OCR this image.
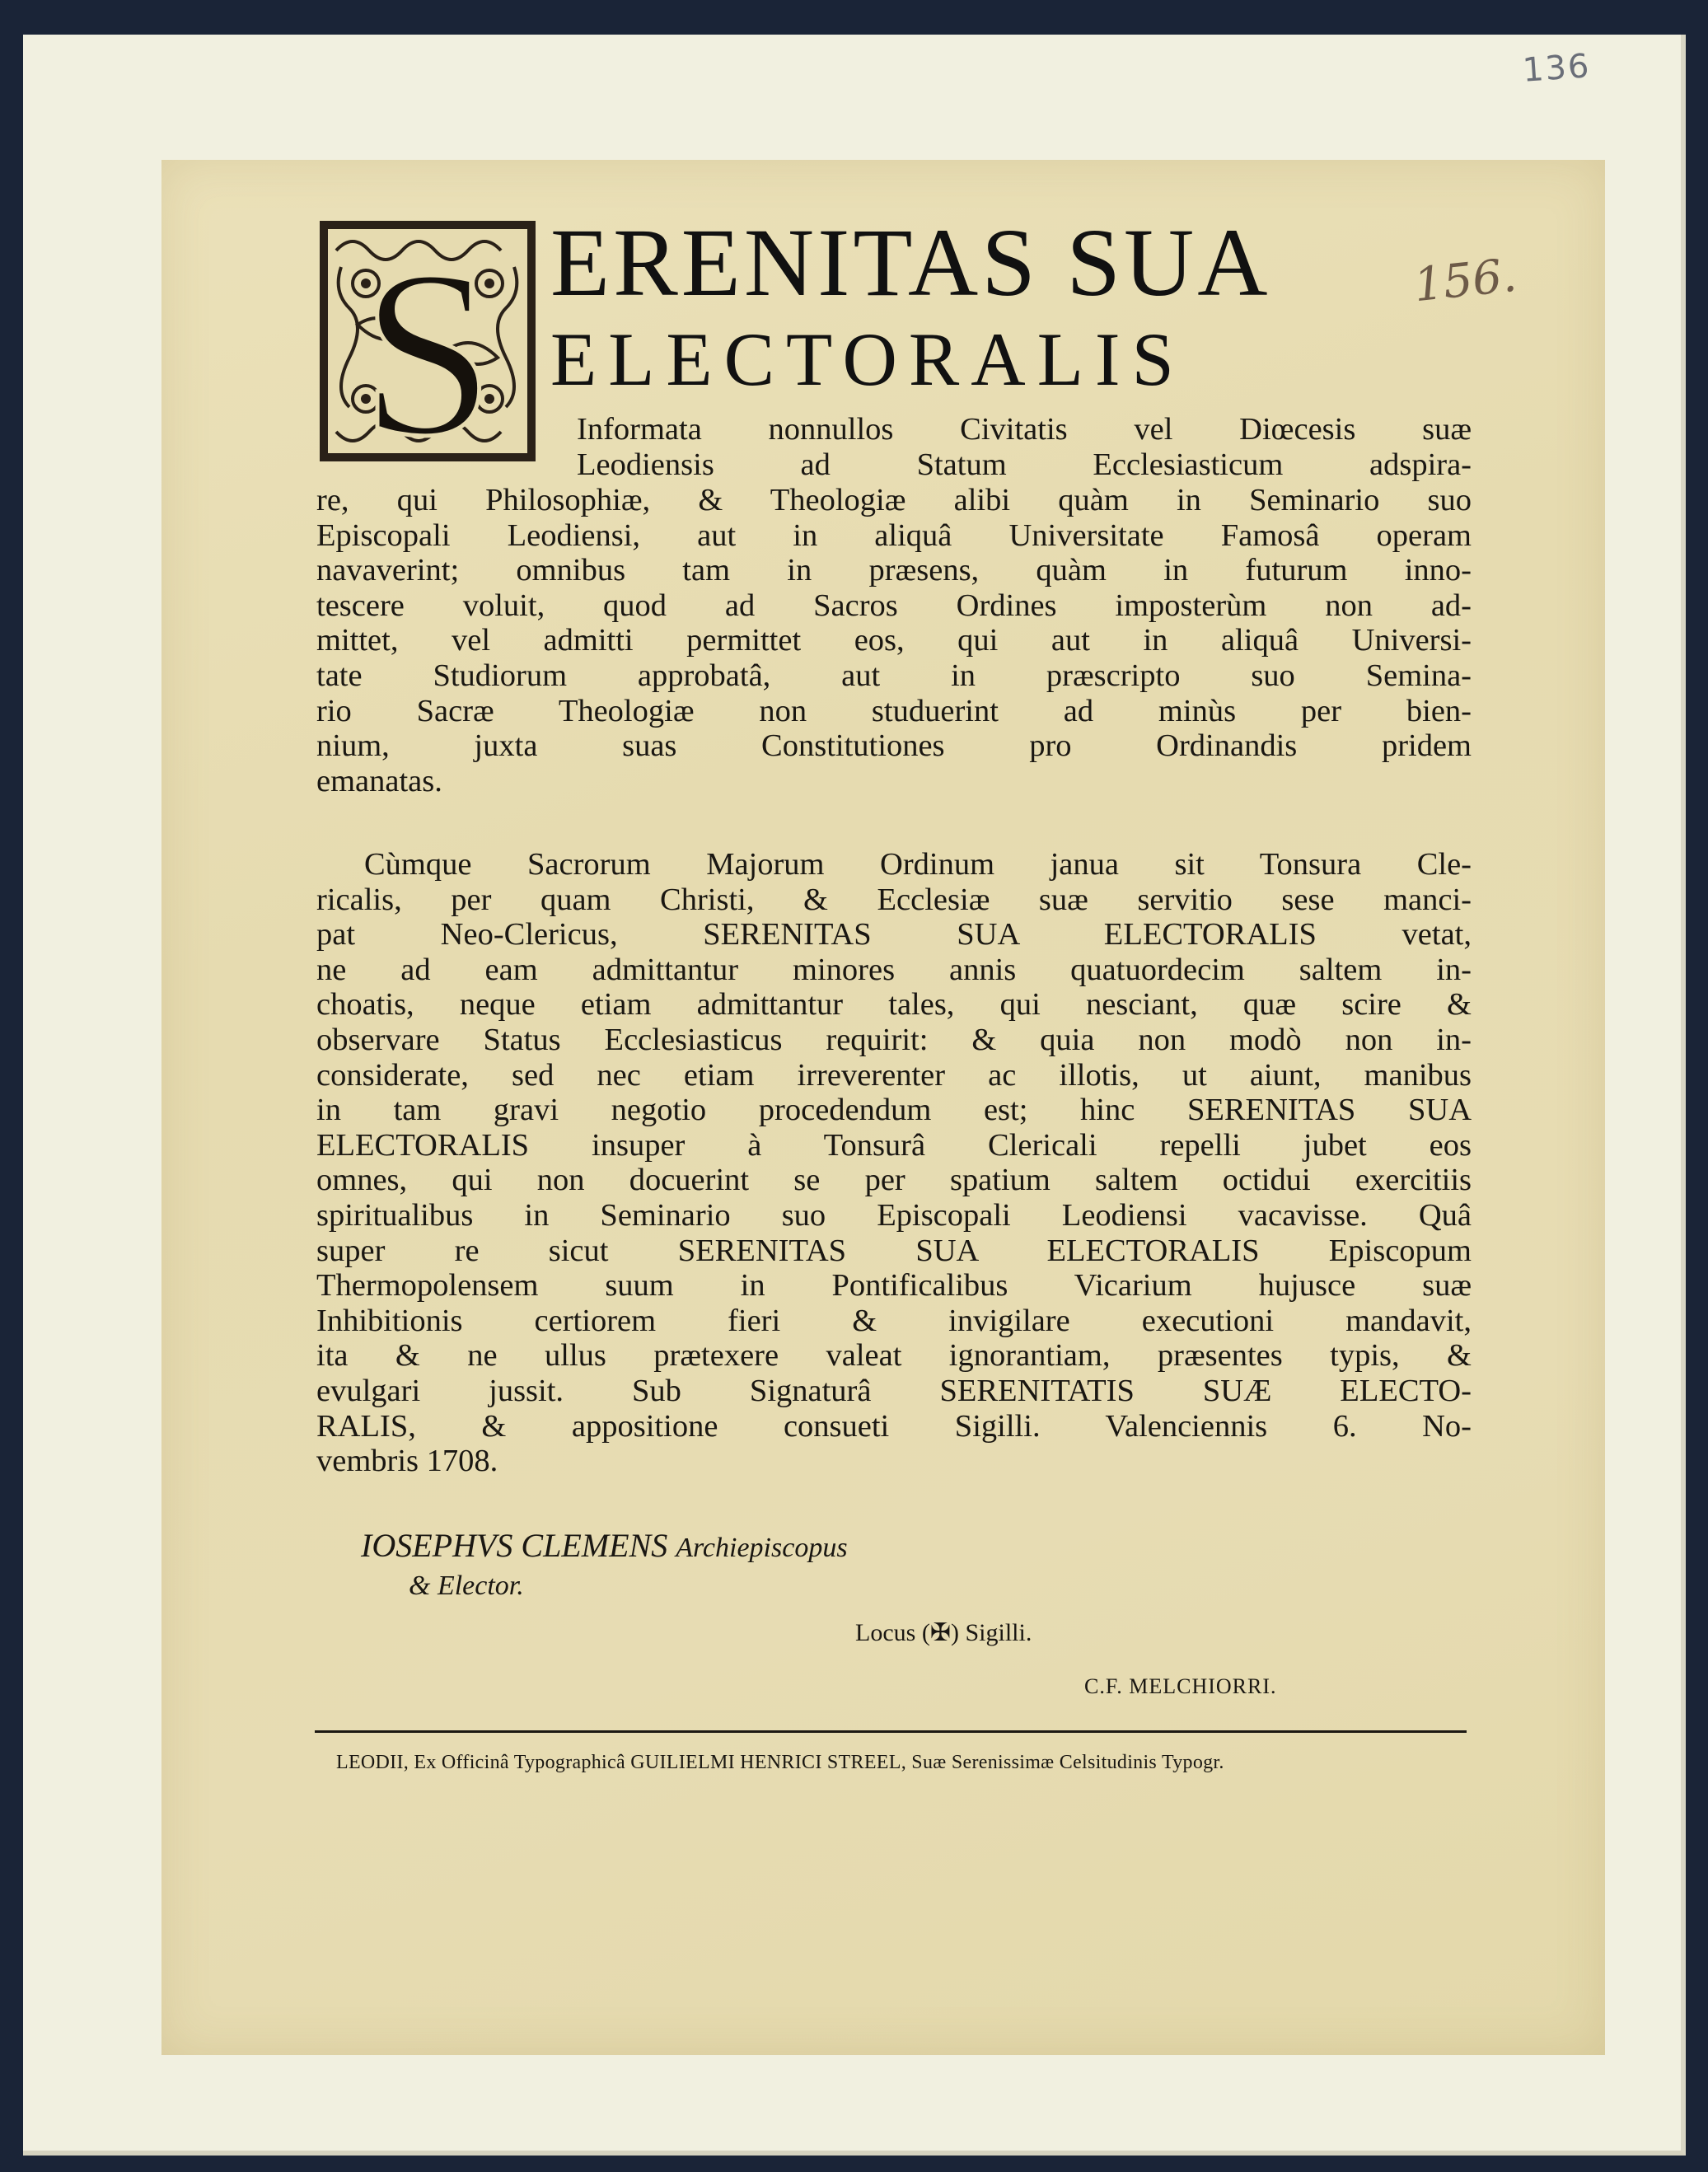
136
156.
S ERENITAS SUA
ELECTORALIS
Informata nonnullos Civitatis vel Diœcesis suæ
Leodiensis ad Statum Ecclesiasticum adspira-
re, qui Philosophiæ, & Theologiæ alibi quàm in Seminario suo
Episcopali Leodiensi, aut in aliquâ Universitate Famosâ operam
navaverint; omnibus tam in præsens, quàm in futurum inno-
tescere voluit, quod ad Sacros Ordines imposterùm non ad-
mittet, vel admitti permittet eos, qui aut in aliquâ Universi-
tate Studiorum approbatâ, aut in præscripto suo Semina-
rio Sacræ Theologiæ non studuerint ad minùs per bien-
nium, juxta suas Constitutiones pro Ordinandis pridem
emanatas.
Cùmque Sacrorum Majorum Ordinum janua sit Tonsura Cle-
ricalis, per quam Christi, & Ecclesiæ suæ servitio sese manci-
pat Neo-Clericus, SERENITAS SUA ELECTORALIS vetat,
ne ad eam admittantur minores annis quatuordecim saltem in-
choatis, neque etiam admittantur tales, qui nesciant, quæ scire &
observare Status Ecclesiasticus requirit: & quia non modò non in-
considerate, sed nec etiam irreverenter ac illotis, ut aiunt, manibus
in tam gravi negotio procedendum est; hinc SERENITAS SUA
ELECTORALIS insuper à Tonsurâ Clericali repelli jubet eos
omnes, qui non docuerint se per spatium saltem octidui exercitiis
spiritualibus in Seminario suo Episcopali Leodiensi vacavisse. Quâ
super re sicut SERENITAS SUA ELECTORALIS Episcopum
Thermopolensem suum in Pontificalibus Vicarium hujusce suæ
Inhibitionis certiorem fieri & invigilare executioni mandavit,
ita & ne ullus prætexere valeat ignorantiam, præsentes typis, &
evulgari jussit. Sub Signaturâ SERENITATIS SUÆ ELECTO-
RALIS, & appositione consueti Sigilli. Valenciennis 6. No-
vembris 1708.
IOSEPHVS CLEMENS Archiepiscopus
& Elector.
Locus (✠) Sigilli.
C.F. MELCHIORRI.
LEODII, Ex Officinâ Typographicâ GUILIELMI HENRICI STREEL, Suæ Serenissimæ Celsitudinis Typogr.
